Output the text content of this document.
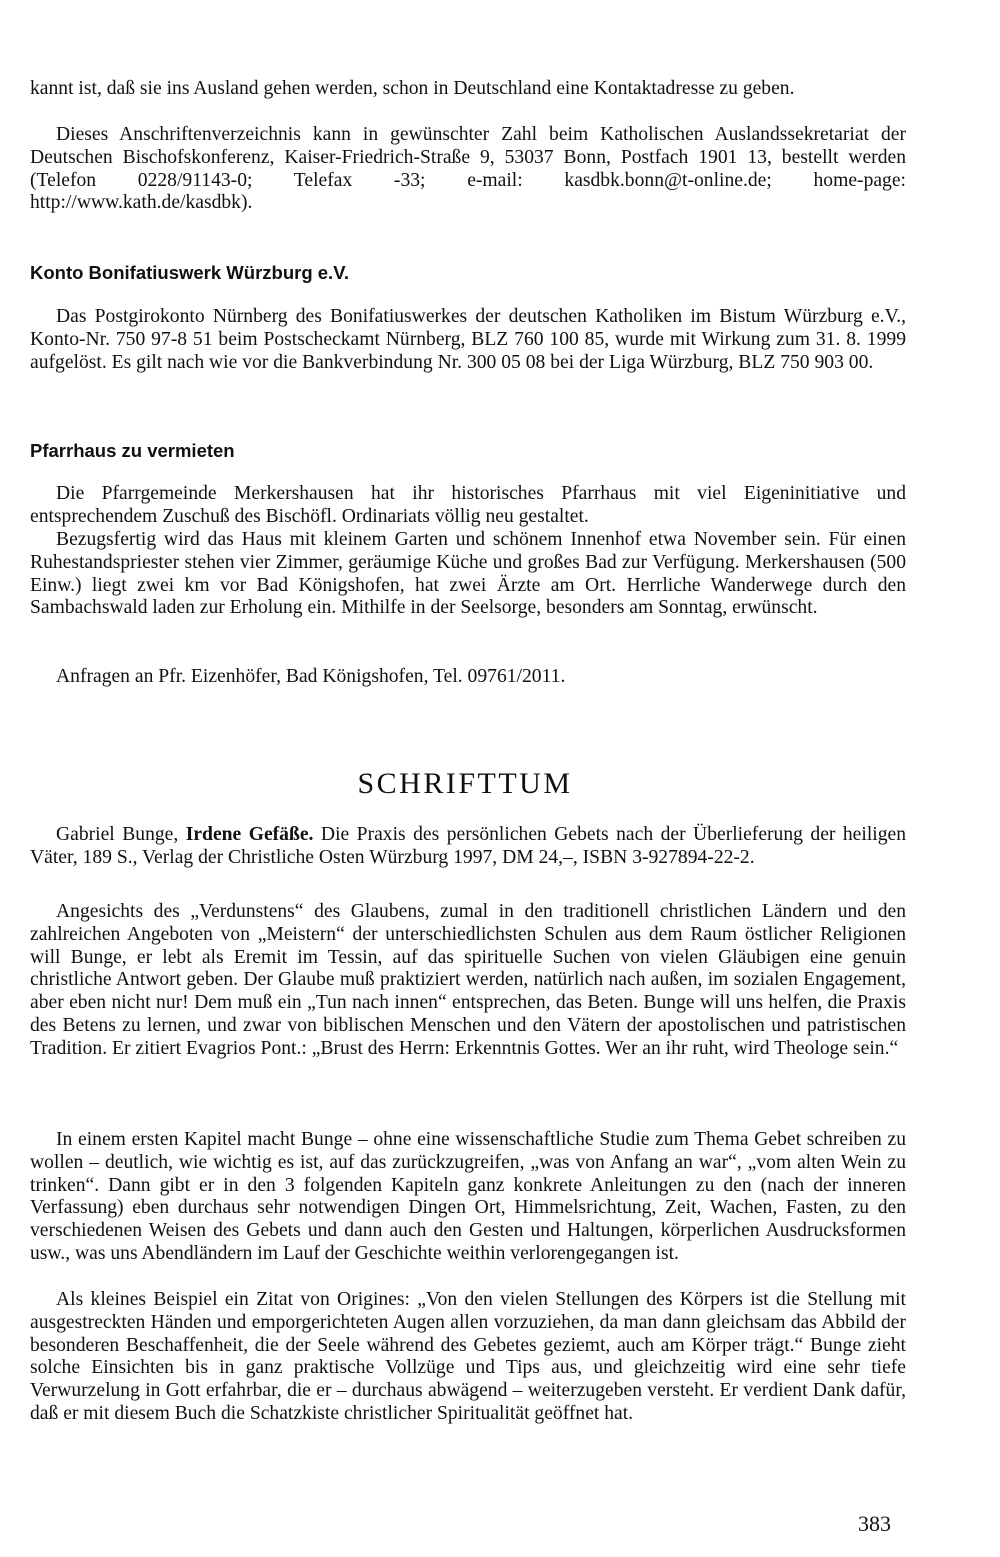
kannt ist, daß sie ins Ausland gehen werden, schon in Deutschland eine Kontaktadresse zu geben.

Dieses Anschriftenverzeichnis kann in gewünschter Zahl beim Katholischen Auslandssekretariat der Deutschen Bischofskonferenz, Kaiser-Friedrich-Straße 9, 53037 Bonn, Postfach 1901 13, bestellt werden (Telefon 0228/91143-0; Telefax -33; e-mail: kasdbk.bonn@t-online.de; home-page: http://www.kath.de/kasdbk).

Konto Bonifatiuswerk Würzburg e.V.

Das Postgirokonto Nürnberg des Bonifatiuswerkes der deutschen Katholiken im Bistum Würzburg e.V., Konto-Nr. 750 97-8 51 beim Postscheckamt Nürnberg, BLZ 760 100 85, wurde mit Wirkung zum 31. 8. 1999 aufgelöst. Es gilt nach wie vor die Bankverbindung Nr. 300 05 08 bei der Liga Würzburg, BLZ 750 903 00.

Pfarrhaus zu vermieten

Die Pfarrgemeinde Merkershausen hat ihr historisches Pfarrhaus mit viel Eigeninitiative und entsprechendem Zuschuß des Bischöfl. Ordinariats völlig neu gestaltet.

Bezugsfertig wird das Haus mit kleinem Garten und schönem Innenhof etwa November sein. Für einen Ruhestandspriester stehen vier Zimmer, geräumige Küche und großes Bad zur Verfügung. Merkershausen (500 Einw.) liegt zwei km vor Bad Königshofen, hat zwei Ärzte am Ort. Herrliche Wanderwege durch den Sambachswald laden zur Erholung ein. Mithilfe in der Seelsorge, besonders am Sonntag, erwünscht.

Anfragen an Pfr. Eizenhöfer, Bad Königshofen, Tel. 09761/2011.

SCHRIFTTUM

Gabriel Bunge, Irdene Gefäße. Die Praxis des persönlichen Gebets nach der Überlieferung der heiligen Väter, 189 S., Verlag der Christliche Osten Würzburg 1997, DM 24,–, ISBN 3-927894-22-2.

Angesichts des „Verdunstens“ des Glaubens, zumal in den traditionell christlichen Ländern und den zahlreichen Angeboten von „Meistern“ der unterschiedlichsten Schulen aus dem Raum östlicher Religionen will Bunge, er lebt als Eremit im Tessin, auf das spirituelle Suchen von vielen Gläubigen eine genuin christliche Antwort geben. Der Glaube muß praktiziert werden, natürlich nach außen, im sozialen Engagement, aber eben nicht nur! Dem muß ein „Tun nach innen“ entsprechen, das Beten. Bunge will uns helfen, die Praxis des Betens zu lernen, und zwar von biblischen Menschen und den Vätern der apostolischen und patristischen Tradition. Er zitiert Evagrios Pont.: „Brust des Herrn: Erkenntnis Gottes. Wer an ihr ruht, wird Theologe sein.“

In einem ersten Kapitel macht Bunge – ohne eine wissenschaftliche Studie zum Thema Gebet schreiben zu wollen – deutlich, wie wichtig es ist, auf das zurückzugreifen, „was von Anfang an war“, „vom alten Wein zu trinken“. Dann gibt er in den 3 folgenden Kapiteln ganz konkrete Anleitungen zu den (nach der inneren Verfassung) eben durchaus sehr notwendigen Dingen Ort, Himmelsrichtung, Zeit, Wachen, Fasten, zu den verschiedenen Weisen des Gebets und dann auch den Gesten und Haltungen, körperlichen Ausdrucksformen usw., was uns Abendländern im Lauf der Geschichte weithin verlorengegangen ist.

Als kleines Beispiel ein Zitat von Origines: „Von den vielen Stellungen des Körpers ist die Stellung mit ausgestreckten Händen und emporgerichteten Augen allen vorzuziehen, da man dann gleichsam das Abbild der besonderen Beschaffenheit, die der Seele während des Gebetes geziemt, auch am Körper trägt.“ Bunge zieht solche Einsichten bis in ganz praktische Vollzüge und Tips aus, und gleichzeitig wird eine sehr tiefe Verwurzelung in Gott erfahrbar, die er – durchaus abwägend – weiterzugeben versteht. Er verdient Dank dafür, daß er mit diesem Buch die Schatzkiste christlicher Spiritualität geöffnet hat.

383
